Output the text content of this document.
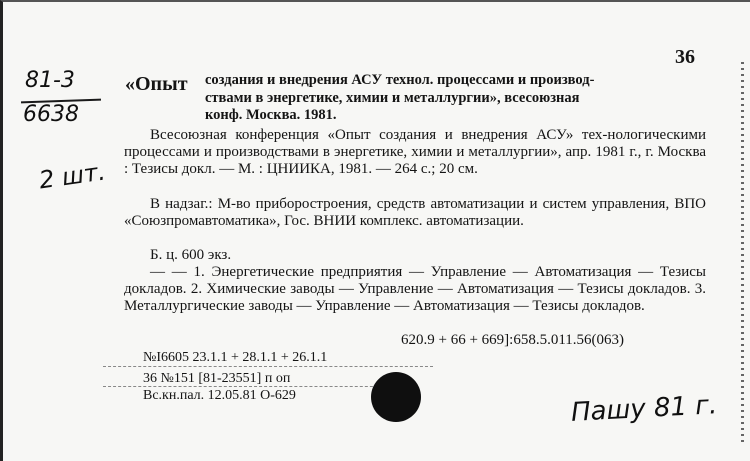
36
81-3
6638
2 шт.
«Опыт создания и внедрения АСУ технол. процессами и производ-
ствами в энергетике, химии и металлургии», всесоюзная
конф. Москва. 1981.
Всесоюзная конференция «Опыт создания и внедрения АСУ» тех-нологическими процессами и производствами в энергетике, химии и металлургии», апр. 1981 г., г. Москва : Тезисы докл. — М. : ЦНИИКА, 1981. — 264 с.; 20 см.
В надзаг.: М-во приборостроения, средств автоматизации и систем управления, ВПО «Союзпромавтоматика», Гос. ВНИИ комплекс. автоматизации.
Б. ц. 600 экз.
— — 1. Энергетические предприятия — Управление — Автоматизация — Тезисы докладов. 2. Химические заводы — Управление — Автоматизация — Тезисы докладов. 3. Металлургические заводы — Управление — Автоматизация — Тезисы докладов.
620.9 + 66 + 669]:658.5.011.56(063)
№I6605 23.1.1 + 28.1.1 + 26.1.1
36 №151 [81-23551] п оп
Вс.кн.пал. 12.05.81 О-629	Пашу 81 г.
